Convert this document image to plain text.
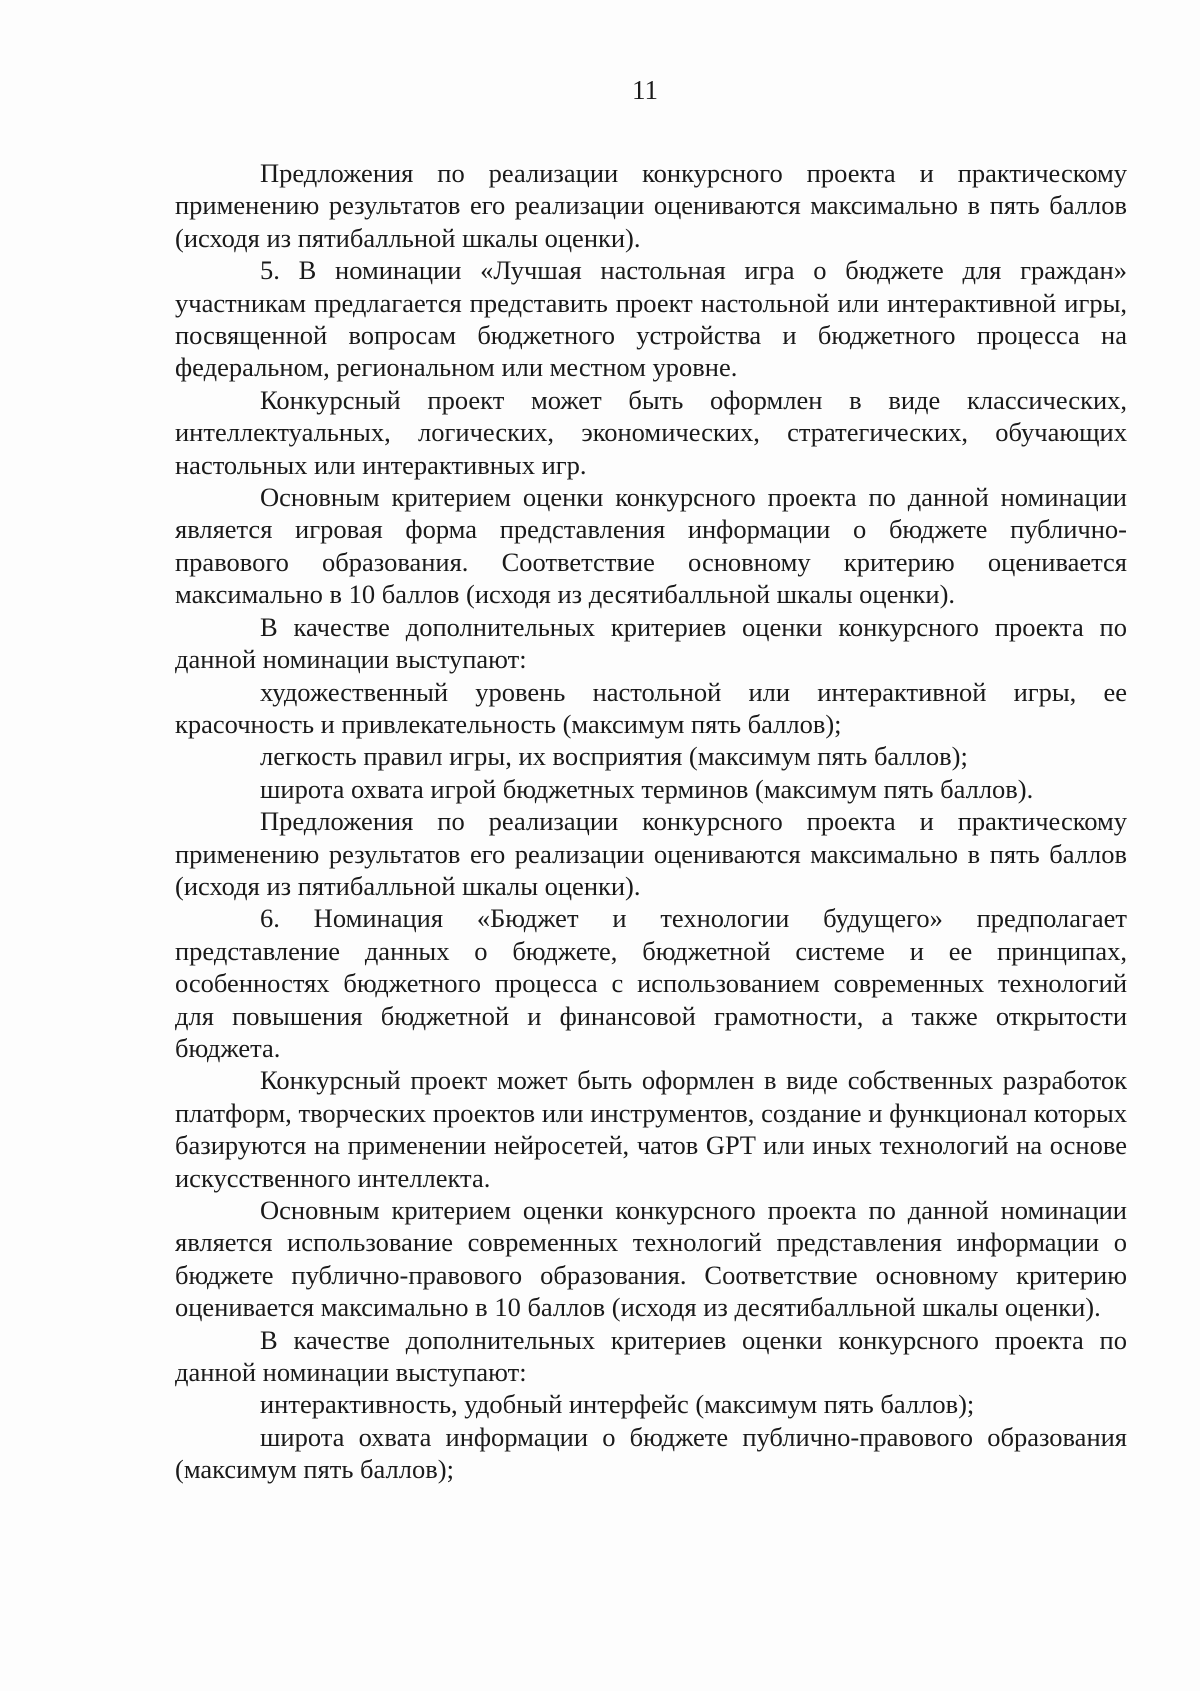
11

Предложения по реализации конкурсного проекта и практическому применению результатов его реализации оцениваются максимально в пять баллов (исходя из пятибалльной шкалы оценки).

5. В номинации «Лучшая настольная игра о бюджете для граждан» участникам предлагается представить проект настольной или интерактивной игры, посвященной вопросам бюджетного устройства и бюджетного процесса на федеральном, региональном или местном уровне.

Конкурсный проект может быть оформлен в виде классических, интеллектуальных, логических, экономических, стратегических, обучающих настольных или интерактивных игр.

Основным критерием оценки конкурсного проекта по данной номинации является игровая форма представления информации о бюджете публично-правового образования. Соответствие основному критерию оценивается максимально в 10 баллов (исходя из десятибалльной шкалы оценки).

В качестве дополнительных критериев оценки конкурсного проекта по данной номинации выступают:

художественный уровень настольной или интерактивной игры, ее красочность и привлекательность (максимум пять баллов);

легкость правил игры, их восприятия (максимум пять баллов);

широта охвата игрой бюджетных терминов (максимум пять баллов).

Предложения по реализации конкурсного проекта и практическому применению результатов его реализации оцениваются максимально в пять баллов (исходя из пятибалльной шкалы оценки).

6. Номинация «Бюджет и технологии будущего» предполагает представление данных о бюджете, бюджетной системе и ее принципах, особенностях бюджетного процесса с использованием современных технологий для повышения бюджетной и финансовой грамотности, а также открытости бюджета.

Конкурсный проект может быть оформлен в виде собственных разработок платформ, творческих проектов или инструментов, создание и функционал которых базируются на применении нейросетей, чатов GPT или иных технологий на основе искусственного интеллекта.

Основным критерием оценки конкурсного проекта по данной номинации является использование современных технологий представления информации о бюджете публично-правового образования. Соответствие основному критерию оценивается максимально в 10 баллов (исходя из десятибалльной шкалы оценки).

В качестве дополнительных критериев оценки конкурсного проекта по данной номинации выступают:

интерактивность, удобный интерфейс (максимум пять баллов);

широта охвата информации о бюджете публично-правового образования (максимум пять баллов);
